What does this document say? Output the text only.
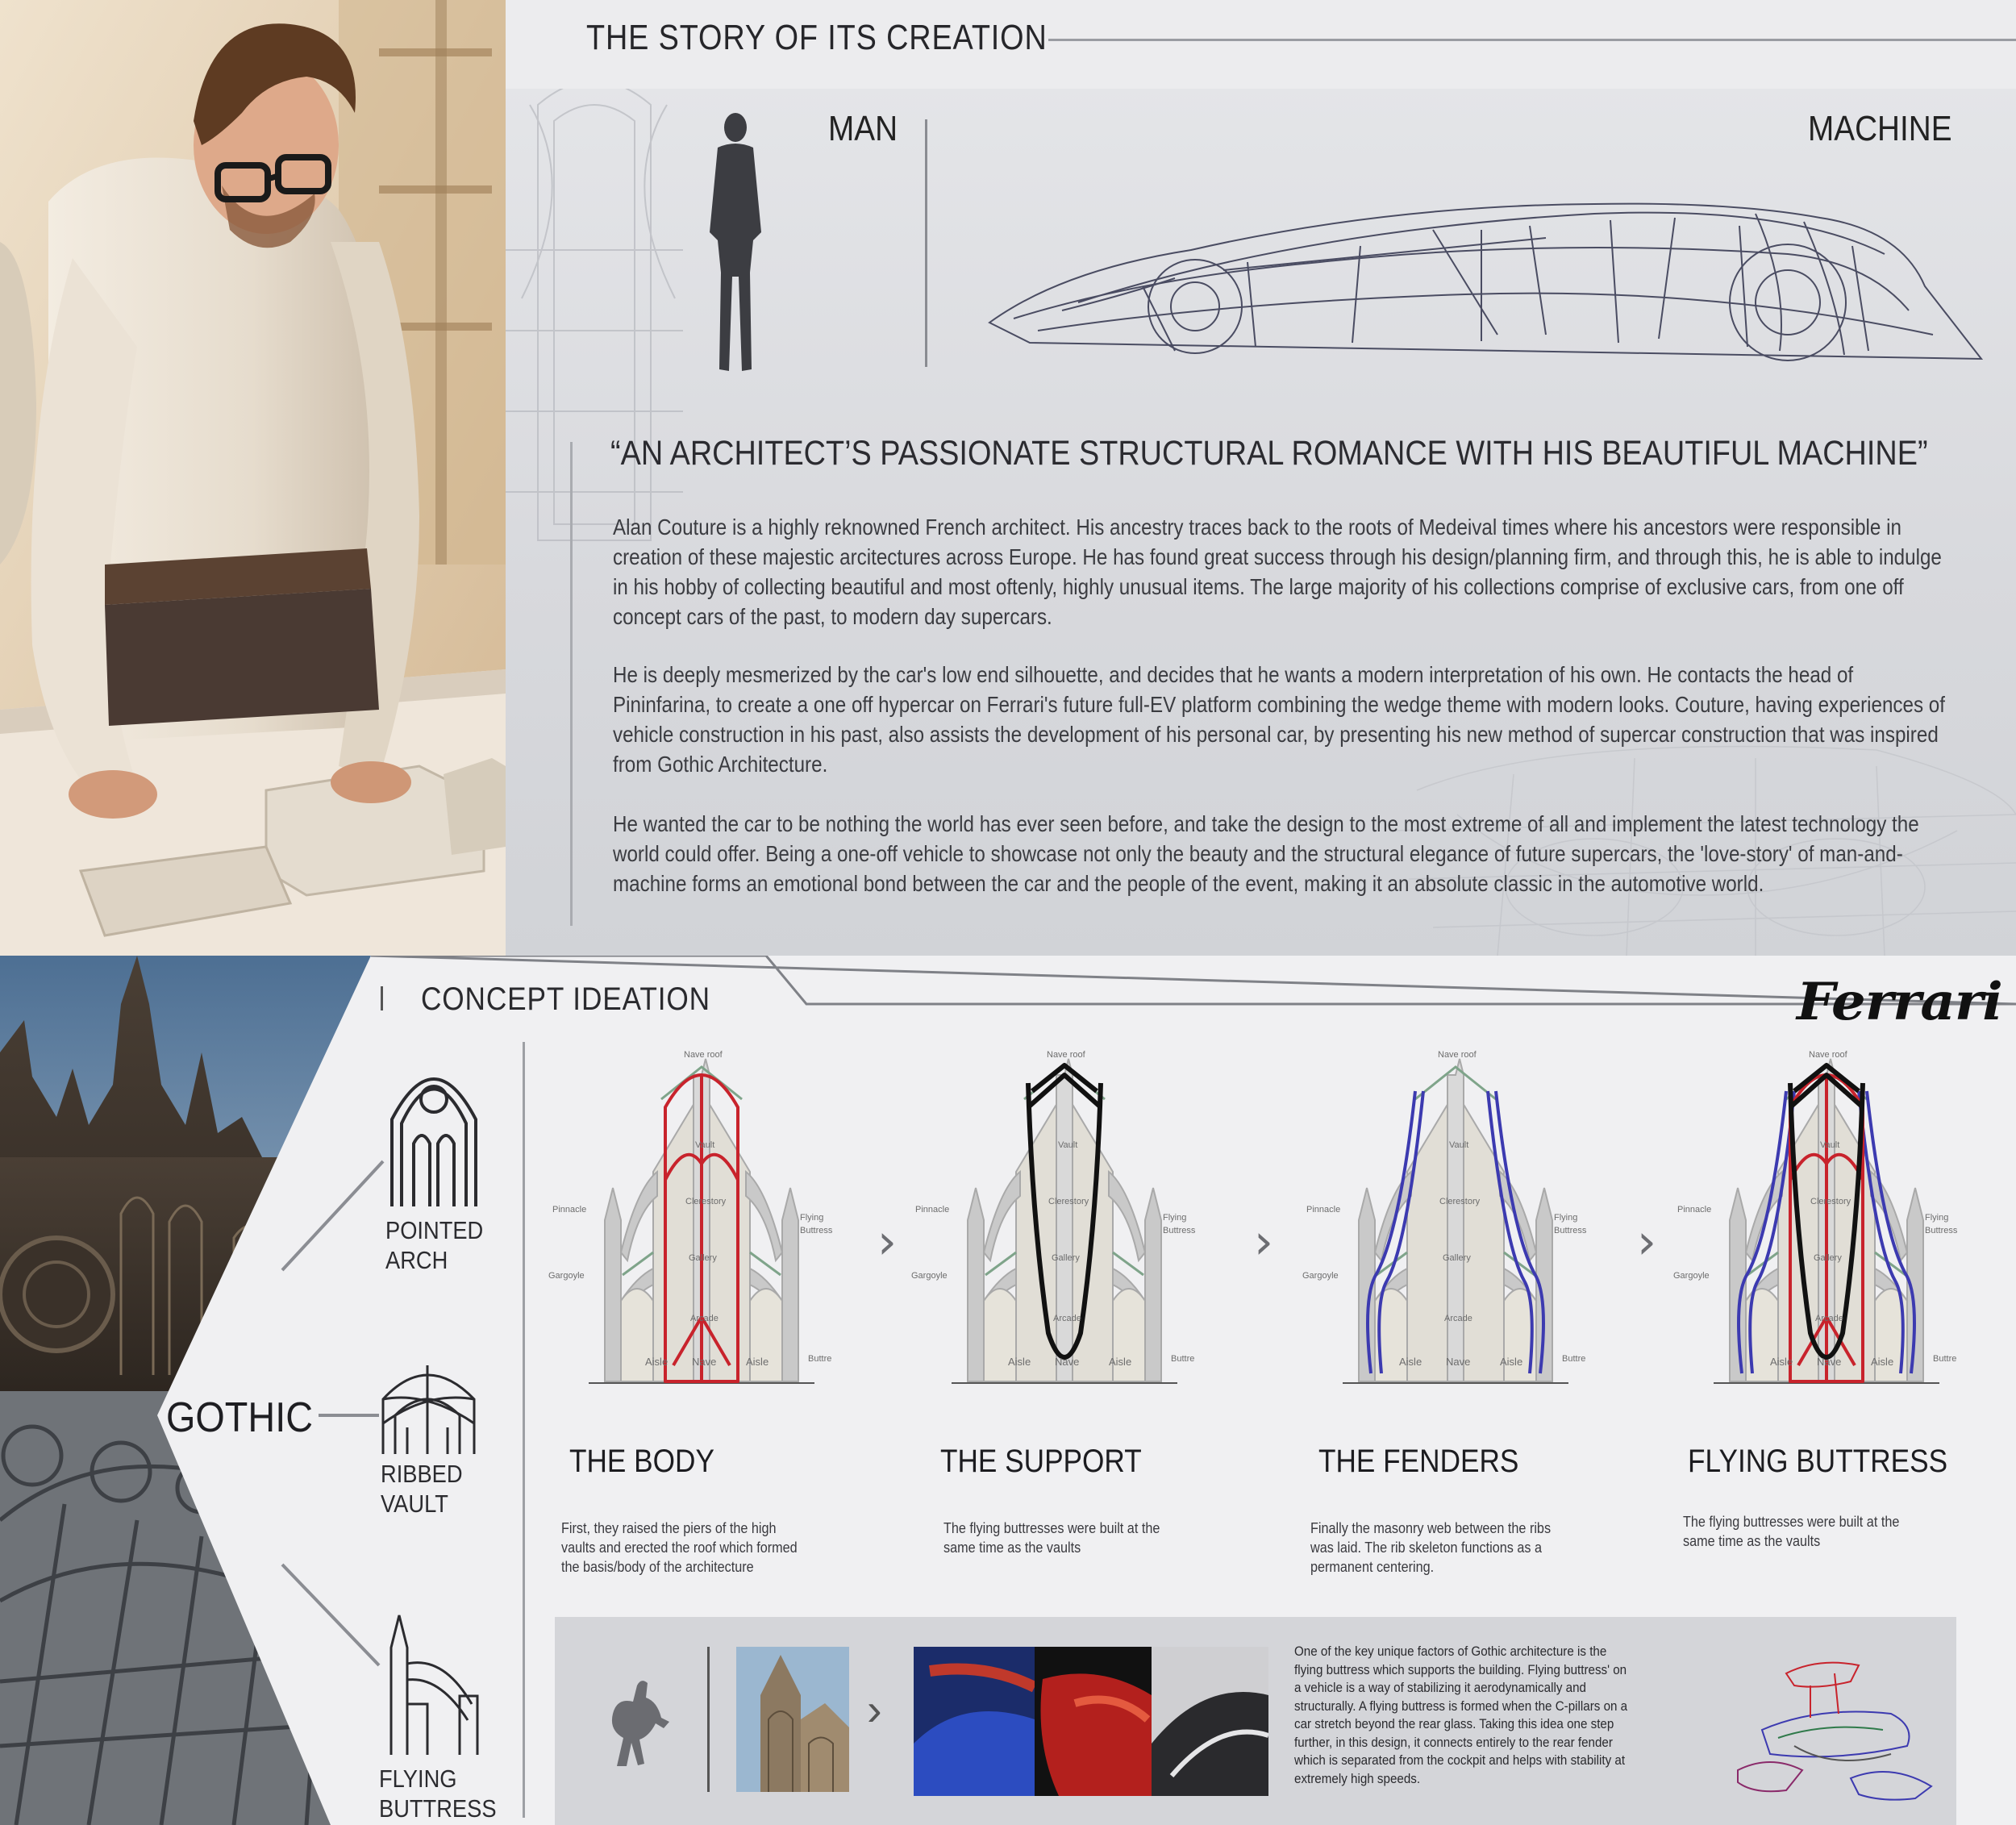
THE STORY OF ITS CREATION
MAN	MACHINE
“AN ARCHITECT’S PASSIONATE STRUCTURAL ROMANCE WITH HIS BEAUTIFUL MACHINE”

Alan Couture is a highly reknowned French architect. His ancestry traces back to the roots of Medeival times where his ancestors were responsible in creation of these majestic arcitectures across Europe. He has found great success through his design/planning firm, and through this, he is able to indulge in his hobby of collecting beautiful and most oftenly, highly unusual items. The large majority of his collections comprise of exclusive cars, from one off concept cars of the past, to modern day supercars.

He is deeply mesmerized by the car's low end silhouette, and decides that he wants a modern interpretation of his own. He contacts the head of Pininfarina, to create a one off hypercar on Ferrari's future full-EV platform combining the wedge theme with modern looks. Couture, having experiences of vehicle construction in his past, also assists the development of his personal car, by presenting his new method of supercar construction that was inspired from Gothic Architecture.

He wanted the car to be nothing the world has ever seen before, and take the design to the most extreme of all and implement the latest technology the world could offer. Being a one-off vehicle to showcase not only the beauty and the structural elegance of future supercars, the 'love-story' of man-and-machine forms an emotional bond between the car and the people of the event, making it an absolute classic in the automotive world.

CONCEPT IDEATION	Ferrari
GOTHIC
POINTED
ARCH
RIBBED
VAULT
FLYING
BUTTRESS
Nave roof
Vault
Pinnacle
Clerestory
Flying
Buttress
Gallery
Gargoyle
Arcade
Aisle	Aisle
Nave	Buttre
THE BODY
First, they raised the piers of the high vaults and erected the roof which formed the basis/body of the architecture
Nave roof
Vault
Pinnacle
Clerestory
Flying
Buttress
Gallery
Gargoyle
Arcade
Aisle	Aisle
Nave	Buttre
THE SUPPORT
The flying buttresses were built at the same time as the vaults
Nave roof
Vault
Pinnacle
Clerestory
Flying
Buttress
Gallery
Gargoyle
Arcade
Aisle	Aisle
Nave	Buttre
THE FENDERS
Finally the masonry web between the ribs was laid. The rib skeleton functions as a permanent centering.
Nave roof
Vault
Pinnacle
Clerestory
Flying
Buttress
Gallery
Gargoyle
Arcade
Aisle	Aisle
Nave	Buttre
FLYING BUTTRESS
The flying buttresses were built at the same time as the vaults
›	›	›
›

One of the key unique factors of Gothic architecture is the flying buttress which supports the building. Flying buttress' on a vehicle is a way of stabilizing it aerodynamically and structurally. A flying buttress is formed when the C-pillars on a car stretch beyond the rear glass. Taking this idea one step further, in this design, it connects entirely to the rear fender which is separated from the cockpit and helps with stability at extremely high speeds.
